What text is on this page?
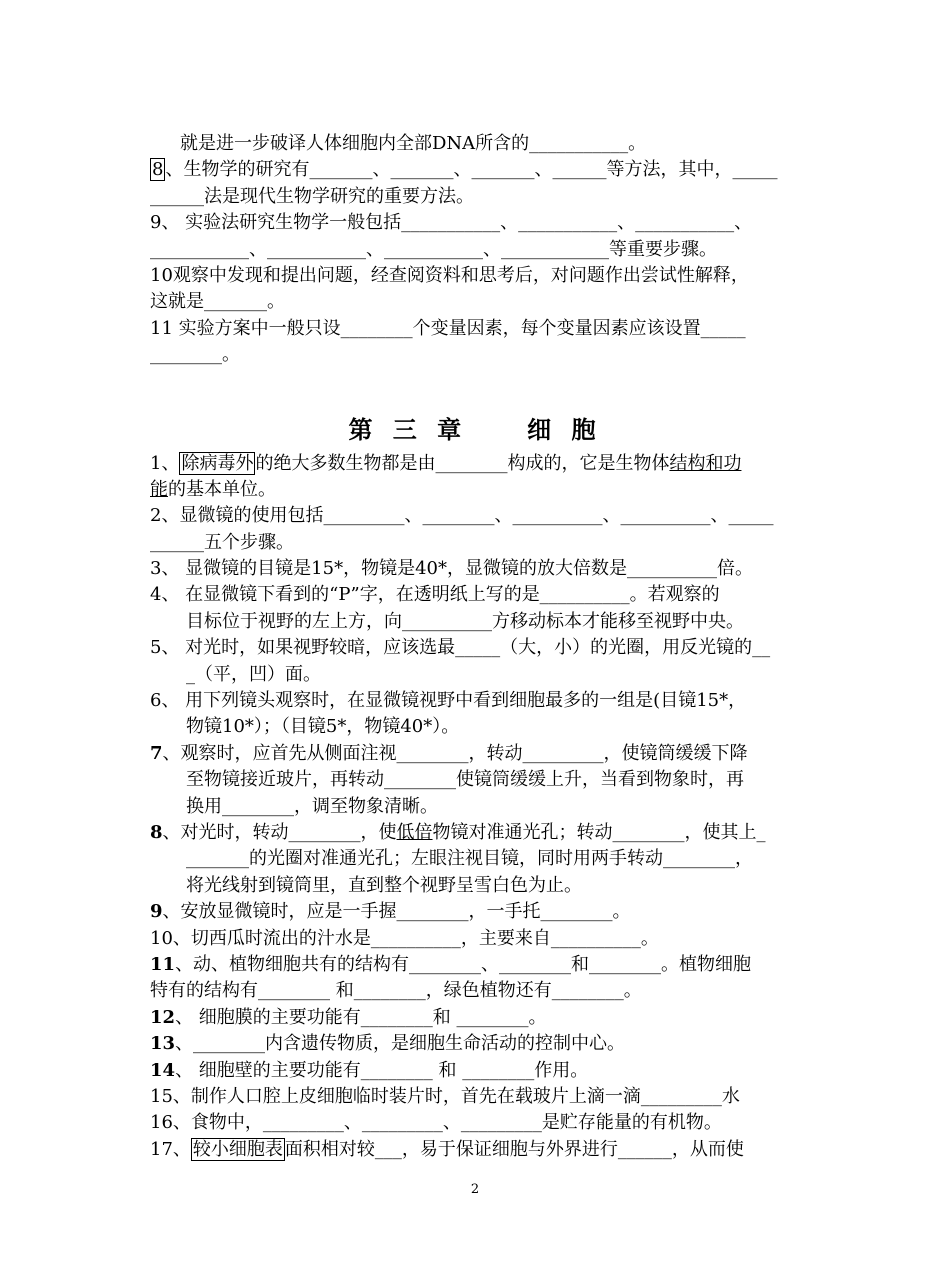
就是进一步破译人体细胞内全部DNA所含的___________。
8 、生物学的研究有_______、_______、_______、______等方法，其中，_____
______法是现代生物学研究的重要方法。
9、 实验法研究生物学一般包括___________、___________、___________、
___________、___________、___________、____________等重要步骤。
10观察中发现和提出问题，经查阅资料和思考后，对问题作出尝试性解释，
这就是_______。
11 实验方案中一般只设________个变量因素，每个变量因素应该设置_____
________。
第 三 章　　细 胞
1、 除病毒外 的绝大多数生物都是由________构成的，它是生物体结构和功
能的基本单位。
2、显微镜的使用包括_________、________、__________、__________、_____
______五个步骤。
3、 显微镜的目镜是15*，物镜是40*，显微镜的放大倍数是__________倍。
4、 在显微镜下看到的“P”字，在透明纸上写的是__________。若观察的
目标位于视野的左上方，向__________方移动标本才能移至视野中央。
5、 对光时，如果视野较暗，应该选最_____（大，小）的光圈，用反光镜的__
_（平，凹）面。
6、 用下列镜头观察时，在显微镜视野中看到细胞最多的一组是(目镜15*，
物镜10*）；（目镜5*，物镜40*）。
7、观察时，应首先从侧面注视________，转动_________，使镜筒缓缓下降
至物镜接近玻片，再转动________使镜筒缓缓上升，当看到物象时，再
换用________，调至物象清晰。
8、对光时，转动________，使低倍物镜对准通光孔；转动________，使其上_
_______的光圈对准通光孔；左眼注视目镜，同时用两手转动________，
将光线射到镜筒里，直到整个视野呈雪白色为止。
9、安放显微镜时，应是一手握________，一手托________。
10、切西瓜时流出的汁水是__________，主要来自__________。
11、动、植物细胞共有的结构有________、________和________。植物细胞
特有的结构有________ 和________，绿色植物还有________。
12、 细胞膜的主要功能有________和 ________。
13、________内含遗传物质，是细胞生命活动的控制中心。
14、 细胞壁的主要功能有________ 和 ________作用。
15、制作人口腔上皮细胞临时装片时，首先在载玻片上滴一滴_________水
16、食物中，_________、_________、_________是贮存能量的有机物。
17、 较小细胞表 面积相对较___，易于保证细胞与外界进行______，从而使
2
